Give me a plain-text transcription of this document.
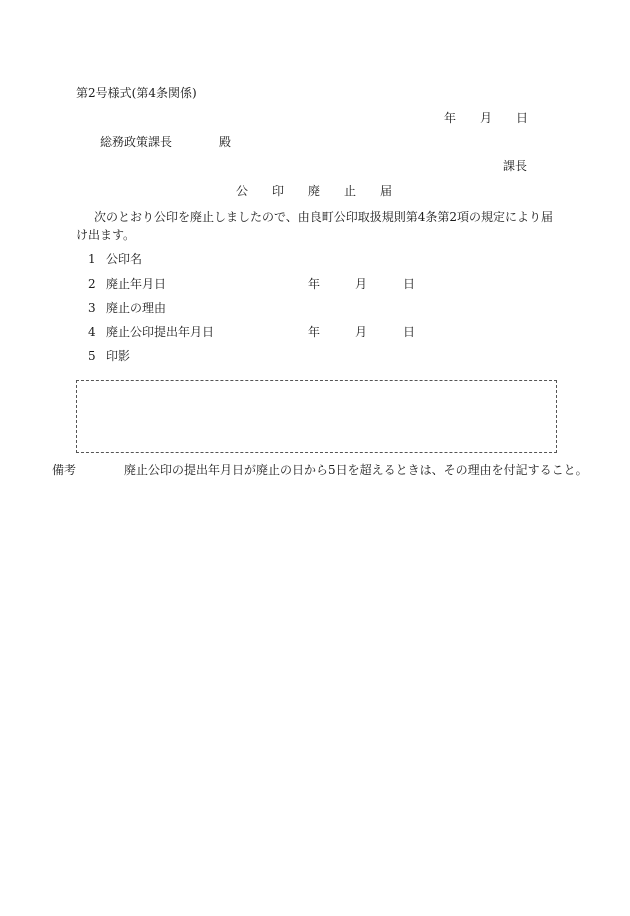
第2号様式(第4条関係)
年 月 日
総務政策課長	殿
課長
公 印 廃 止 届
次のとおり公印を廃止しましたので、由良町公印取扱規則第4条第2項の規定により届け出ます。
1 公印名
2 廃止年月日	年	月	日
3 廃止の理由
4 廃止公印提出年月日	年	月	日
5 印影
備考	廃止公印の提出年月日が廃止の日から5日を超えるときは、その理由を付記すること。
